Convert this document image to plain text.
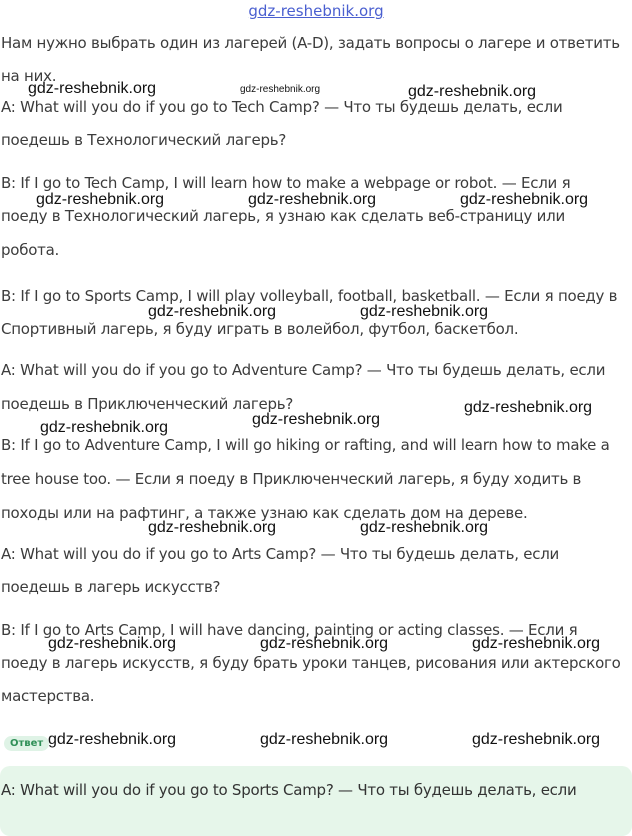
gdz-reshebnik.org
Нам нужно выбрать один из лагерей (A-D), задать вопросы о лагере и ответить
на них.
A: What will you do if you go to Tech Camp? — Что ты будешь делать, если
поедешь в Технологический лагерь?
B: If I go to Tech Camp, I will learn how to make a webpage or robot. — Если я
поеду в Технологический лагерь, я узнаю как сделать веб-страницу или
робота.
B: If I go to Sports Camp, I will play volleyball, football, basketball. — Если я поеду в
Спортивный лагерь, я буду играть в волейбол, футбол, баскетбол.
A: What will you do if you go to Adventure Camp? — Что ты будешь делать, если
поедешь в Приключенческий лагерь?
B: If I go to Adventure Camp, I will go hiking or rafting, and will learn how to make a
tree house too. — Если я поеду в Приключенческий лагерь, я буду ходить в
походы или на рафтинг, а также узнаю как сделать дом на дереве.
A: What will you do if you go to Arts Camp? — Что ты будешь делать, если
поедешь в лагерь искусств?
B: If I go to Arts Camp, I will have dancing, painting or acting classes. — Если я
поеду в лагерь искусств, я буду брать уроки танцев, рисования или актерского
мастерства.
gdz-reshebnik.org	gdz-reshebnik.org	gdz-reshebnik.org
gdz-reshebnik.org	gdz-reshebnik.org	gdz-reshebnik.org
gdz-reshebnik.org	gdz-reshebnik.org
gdz-reshebnik.org
gdz-reshebnik.org
gdz-reshebnik.org
gdz-reshebnik.org	gdz-reshebnik.org
gdz-reshebnik.org	gdz-reshebnik.org	gdz-reshebnik.org
Ответ gdz-reshebnik.org	gdz-reshebnik.org	gdz-reshebnik.org
A: What will you do if you go to Sports Camp? — Что ты будешь делать, если
